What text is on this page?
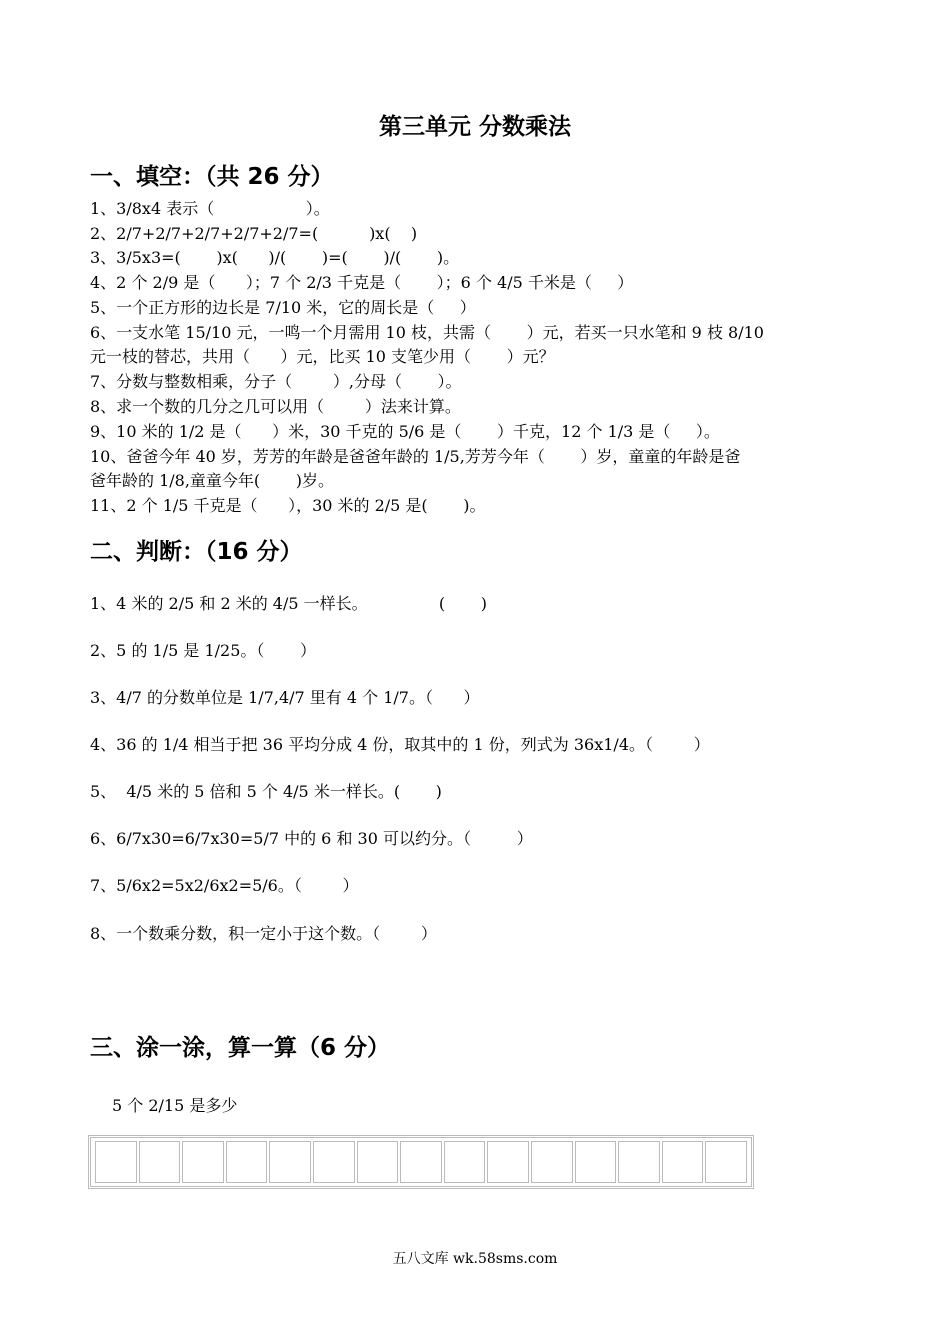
第三单元 分数乘法
一、填空：（共 26 分）
1、3/8x4 表示（                  ）。
2、2/7+2/7+2/7+2/7+2/7=(          )x(    )
3、3/5x3=(       )x(      )/(       )=(       )/(       )。
4、2 个 2/9 是（      ）；7 个 2/3 千克是（       ）；6 个 4/5 千米是（     ）
5、一个正方形的边长是 7/10 米，它的周长是（     ）
6、一支水笔 15/10 元，一鸣一个月需用 10 枝，共需（       ）元，若买一只水笔和 9 枝 8/10
元一枝的替芯，共用（      ）元，比买 10 支笔少用（       ）元？
7、分数与整数相乘，分子（        ）,分母（       ）。
8、求一个数的几分之几可以用（        ）法来计算。
9、10 米的 1/2 是（      ）米，30 千克的 5/6 是（       ）千克，12 个 1/3 是（     ）。
10、爸爸今年 40 岁，芳芳的年龄是爸爸年龄的 1/5,芳芳今年（       ）岁，童童的年龄是爸
爸年龄的 1/8,童童今年(       )岁。
11、2 个 1/5 千克是（      ），30 米的 2/5 是(       )。
二、判断：（16 分）
1、4 米的 2/5 和 2 米的 4/5 一样长。              (       )
2、5 的 1/5 是 1/25。（       ）
3、4/7 的分数单位是 1/7,4/7 里有 4 个 1/7。（      ）
4、36 的 1/4 相当于把 36 平均分成 4 份，取其中的 1 份，列式为 36x1/4。（        ）
5、  4/5 米的 5 倍和 5 个 4/5 米一样长。(       )
6、6/7x30=6/7x30=5/7 中的 6 和 30 可以约分。（         ）
7、5/6x2=5x2/6x2=5/6。（        ）
8、一个数乘分数，积一定小于这个数。（        ）
三、涂一涂，算一算（6 分）
5 个 2/15 是多少
五八文库 wk.58sms.com
